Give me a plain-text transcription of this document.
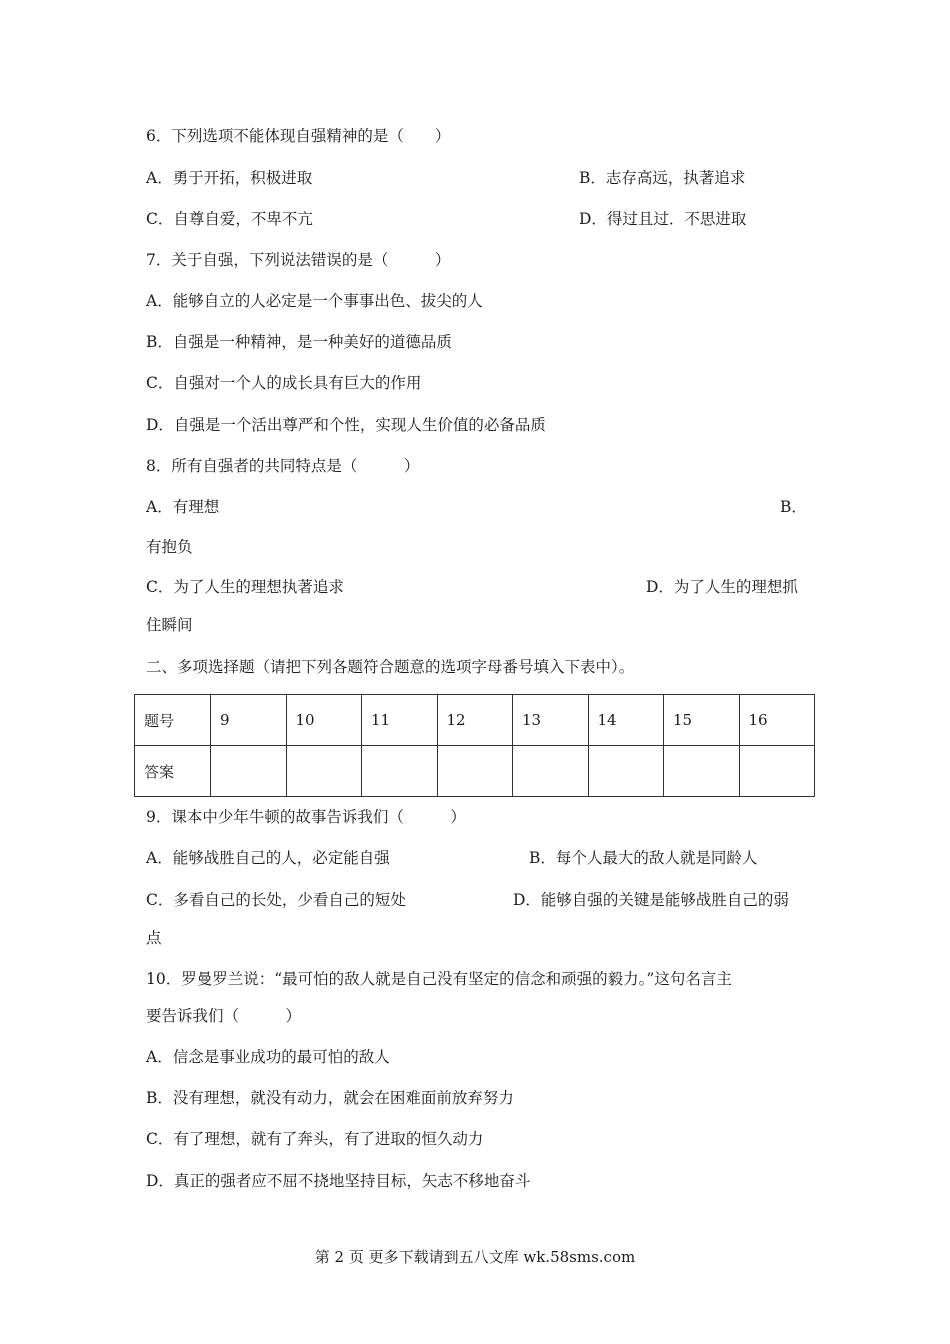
6．下列选项不能体现自强精神的是（　　）
A．勇于开拓，积极进取	B．志存高远，执著追求
C．自尊自爱，不卑不亢	D．得过且过．不思进取
7．关于自强，下列说法错误的是（　　　）
A．能够自立的人必定是一个事事出色、拔尖的人
B．自强是一种精神，是一种美好的道德品质
C．自强对一个人的成长具有巨大的作用
D．自强是一个活出尊严和个性，实现人生价值的必备品质
8．所有自强者的共同特点是（　　　）
A．有理想	B．
有抱负
C．为了人生的理想执著追求	D．为了人生的理想抓
住瞬间
二、多项选择题（请把下列各题符合题意的选项字母番号填入下表中）。
题号	9	10	11	12	13	14	15	16
答案								
9．课本中少年牛顿的故事告诉我们（　　　）
A．能够战胜自己的人，必定能自强	B．每个人最大的敌人就是同龄人
C．多看自己的长处，少看自己的短处	D．能够自强的关键是能够战胜自己的弱
点
10．罗曼罗兰说：“最可怕的敌人就是自己没有坚定的信念和顽强的毅力。”这句名言主
要告诉我们（　　　）
A．信念是事业成功的最可怕的敌人
B．没有理想，就没有动力，就会在困难面前放弃努力
C．有了理想，就有了奔头，有了进取的恒久动力
D．真正的强者应不屈不挠地坚持目标，矢志不移地奋斗
第 2 页 更多下载请到五八文库 wk.58sms.com
